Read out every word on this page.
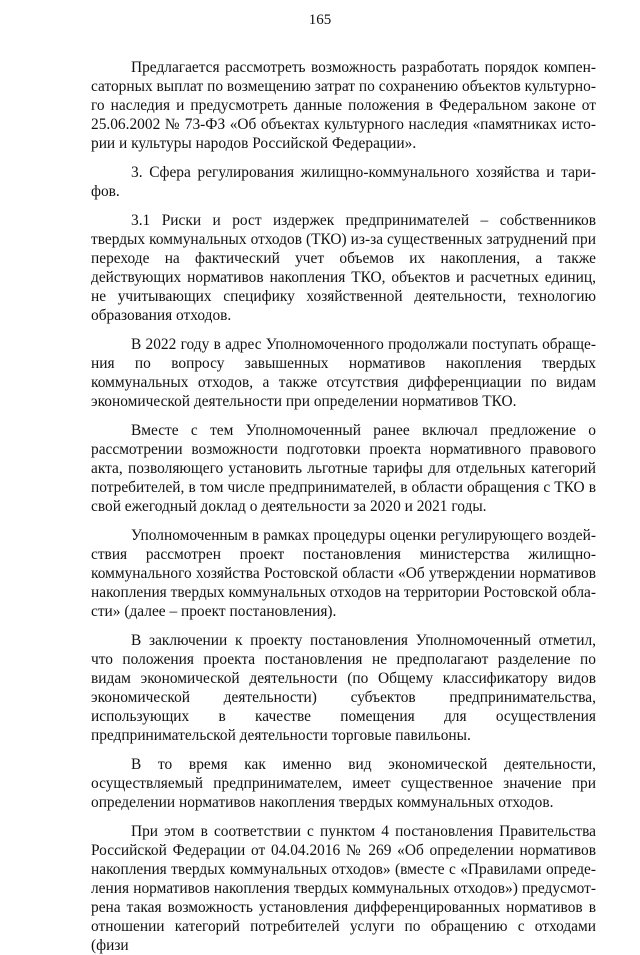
165

Предлагается рассмотреть возможность разработать порядок компенсаторных выплат по возмещению затрат по сохранению объектов культурного наследия и предусмотреть данные положения в Федеральном законе от 25.06.2002 № 73-ФЗ «Об объектах культурного наследия «памятниках истории и культуры народов Российской Федерации».

3. Сфера регулирования жилищно-коммунального хозяйства и тарифов.

3.1 Риски и рост издержек предпринимателей – собственников твердых коммунальных отходов (ТКО) из-за существенных затруднений при переходе на фактический учет объемов их накопления, а также действующих нормативов накопления ТКО, объектов и расчетных единиц, не учитывающих специфику хозяйственной деятельности, технологию образования отходов.

В 2022 году в адрес Уполномоченного продолжали поступать обращения по вопросу завышенных нормативов накопления твердых коммунальных отходов, а также отсутствия дифференциации по видам экономической деятельности при определении нормативов ТКО.

Вместе с тем Уполномоченный ранее включал предложение о рассмотрении возможности подготовки проекта нормативного правового акта, позволяющего установить льготные тарифы для отдельных категорий потребителей, в том числе предпринимателей, в области обращения с ТКО в свой ежегодный доклад о деятельности за 2020 и 2021 годы.

Уполномоченным в рамках процедуры оценки регулирующего воздействия рассмотрен проект постановления министерства жилищно-коммунального хозяйства Ростовской области «Об утверждении нормативов накопления твердых коммунальных отходов на территории Ростовской области» (далее – проект постановления).

В заключении к проекту постановления Уполномоченный отметил, что положения проекта постановления не предполагают разделение по видам экономической деятельности (по Общему классификатору видов экономической деятельности) субъектов предпринимательства, использующих в качестве помещения для осуществления предпринимательской деятельности торговые павильоны.

В то время как именно вид экономической деятельности, осуществляемый предпринимателем, имеет существенное значение при определении нормативов накопления твердых коммунальных отходов.

При этом в соответствии с пунктом 4 постановления Правительства Российской Федерации от 04.04.2016 № 269 «Об определении нормативов накопления твердых коммунальных отходов» (вместе с «Правилами определения нормативов накопления твердых коммунальных отходов») предусмотрена такая возможность установления дифференцированных нормативов в отношении категорий потребителей услуги по обращению с отходами (физи
